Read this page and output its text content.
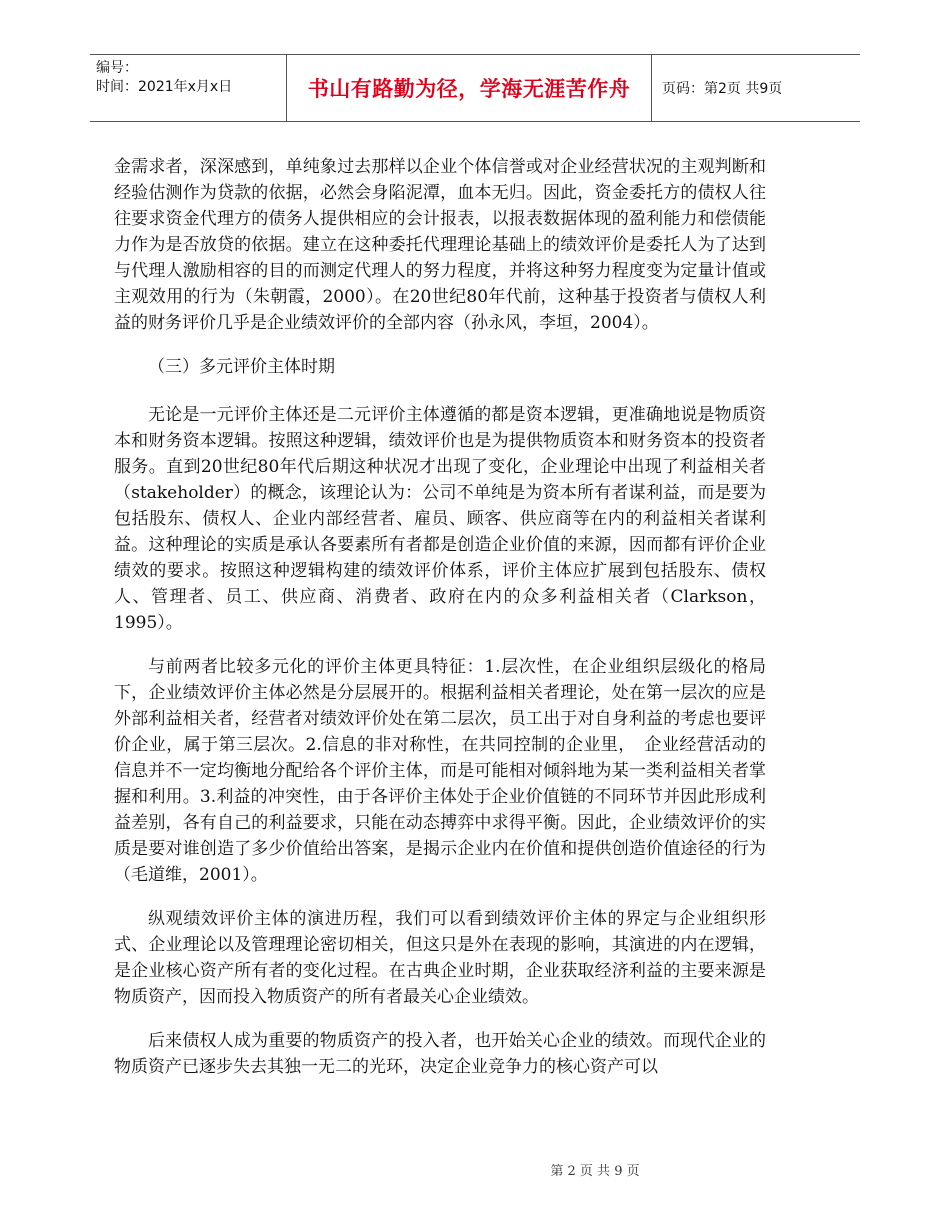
编号：
时间：2021年x月x日	书山有路勤为径，学海无涯苦作舟	页码：第2页 共9页

金需求者，深深感到，单纯象过去那样以企业个体信誉或对企业经营状况的主观判断和经验估测作为贷款的依据，必然会身陷泥潭，血本无归。因此，资金委托方的债权人往往要求资金代理方的债务人提供相应的会计报表，以报表数据体现的盈利能力和偿债能力作为是否放贷的依据。建立在这种委托代理理论基础上的绩效评价是委托人为了达到与代理人激励相容的目的而测定代理人的努力程度，并将这种努力程度变为定量计值或主观效用的行为（朱朝霞，2000）。在20世纪80年代前，这种基于投资者与债权人利益的财务评价几乎是企业绩效评价的全部内容（孙永风，李垣，2004）。

（三）多元评价主体时期

无论是一元评价主体还是二元评价主体遵循的都是资本逻辑，更准确地说是物质资本和财务资本逻辑。按照这种逻辑，绩效评价也是为提供物质资本和财务资本的投资者服务。直到20世纪80年代后期这种状况才出现了变化，企业理论中出现了利益相关者（stakeholder）的概念，该理论认为：公司不单纯是为资本所有者谋利益，而是要为包括股东、债权人、企业内部经营者、雇员、顾客、供应商等在内的利益相关者谋利益。这种理论的实质是承认各要素所有者都是创造企业价值的来源，因而都有评价企业绩效的要求。按照这种逻辑构建的绩效评价体系，评价主体应扩展到包括股东、债权人、管理者、员工、供应商、消费者、政府在内的众多利益相关者（Clarkson，1995）。

与前两者比较多元化的评价主体更具特征：1.层次性，在企业组织层级化的格局下，企业绩效评价主体必然是分层展开的。根据利益相关者理论，处在第一层次的应是外部利益相关者，经营者对绩效评价处在第二层次，员工出于对自身利益的考虑也要评价企业，属于第三层次。2.信息的非对称性，在共同控制的企业里，　企业经营活动的信息并不一定均衡地分配给各个评价主体，而是可能相对倾斜地为某一类利益相关者掌握和利用。3.利益的冲突性，由于各评价主体处于企业价值链的不同环节并因此形成利益差别，各有自己的利益要求，只能在动态搏弈中求得平衡。因此，企业绩效评价的实质是要对谁创造了多少价值给出答案，是揭示企业内在价值和提供创造价值途径的行为（毛道维，2001）。

纵观绩效评价主体的演进历程，我们可以看到绩效评价主体的界定与企业组织形式、企业理论以及管理理论密切相关，但这只是外在表现的影响，其演进的内在逻辑，是企业核心资产所有者的变化过程。在古典企业时期，企业获取经济利益的主要来源是物质资产，因而投入物质资产的所有者最关心企业绩效。

后来债权人成为重要的物质资产的投入者，也开始关心企业的绩效。而现代企业的物质资产已逐步失去其独一无二的光环，决定企业竞争力的核心资产可以

第 2 页 共 9 页
